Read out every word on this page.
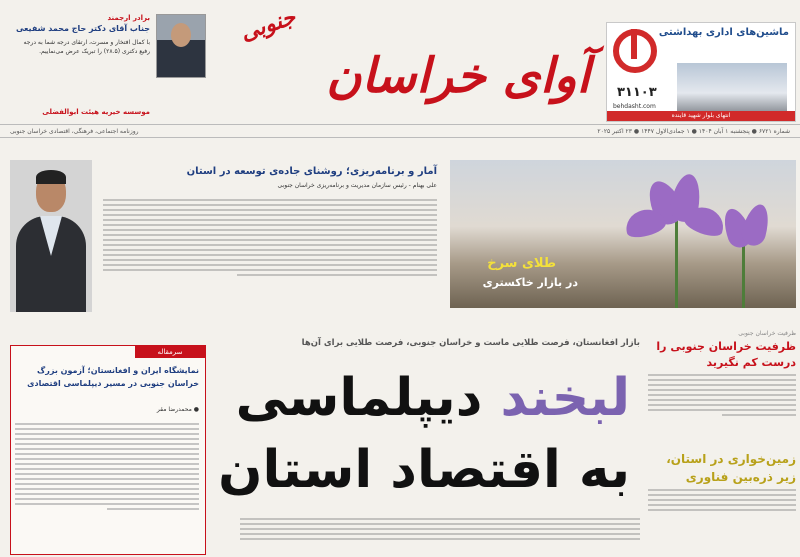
برادر ارجمند
جناب آقای دکتر حاج محمد شفیعی
با کمال افتخار و مسرت، ارتقای درجه شما به درجه رفیع دکتری (۲۸.۵) را تبریک عرض می‌نماییم.
موسسه خیریه هیئت ابوالفضلی
آوای خراسان
جنوبی	ماشین‌های اداری بهداشتی
۳۱۱۰۳
behdasht.com
انتهای بلوار شهید قاینده
شماره ۶۷۲۱ ● پنجشنبه ۱ آبان ۱۴۰۴ ● ۱ جمادی‌الاول ۱۴۴۷ ● ۲۳ اکتبر ۲۰۲۵
روزنامه اجتماعی، فرهنگی، اقتصادی خراسان جنوبی
طلای سرخ
در بازار خاکستری
آمار و برنامه‌ریزی؛ روشنای جاده‌ی توسعه در استان
علی بهنام - رئیس سازمان مدیریت و برنامه‌ریزی خراسان جنوبی
بازار افغانستان، فرصت طلایی ماست و خراسان جنوبی، فرصت طلایی برای آن‌ها
لبخند دیپلماسی
به اقتصاد استان
سرمقاله
نمایشگاه ایران و افغانستان؛ آزمون بزرگ خراسان جنوبی در مسیر دیپلماسی اقتصادی
● محمدرضا مقر
ظرفیت خراسان جنوبی
ظرفیت خراسان جنوبی را درست کم نگیرید
زمین‌خواری در استان، زیر ذره‌بین فناوری
